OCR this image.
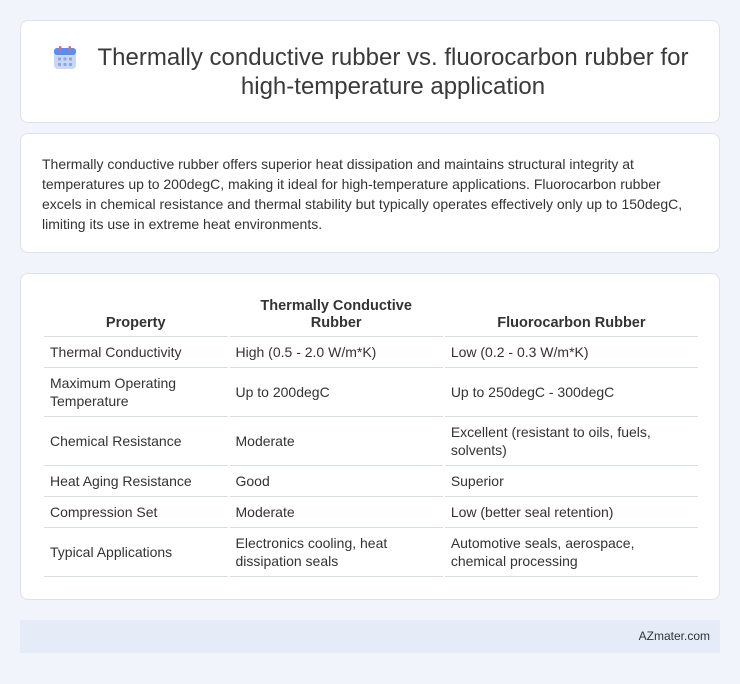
Thermally conductive rubber vs. fluorocarbon rubber for high-temperature application

Thermally conductive rubber offers superior heat dissipation and maintains structural integrity at temperatures up to 200degC, making it ideal for high-temperature applications. Fluorocarbon rubber excels in chemical resistance and thermal stability but typically operates effectively only up to 150degC, limiting its use in extreme heat environments.

Property	Thermally Conductive Rubber	Fluorocarbon Rubber
Thermal Conductivity	High (0.5 - 2.0 W/m*K)	Low (0.2 - 0.3 W/m*K)
Maximum Operating Temperature	Up to 200degC	Up to 250degC - 300degC
Chemical Resistance	Moderate	Excellent (resistant to oils, fuels, solvents)
Heat Aging Resistance	Good	Superior
Compression Set	Moderate	Low (better seal retention)
Typical Applications	Electronics cooling, heat dissipation seals	Automotive seals, aerospace, chemical processing
AZmater.com
